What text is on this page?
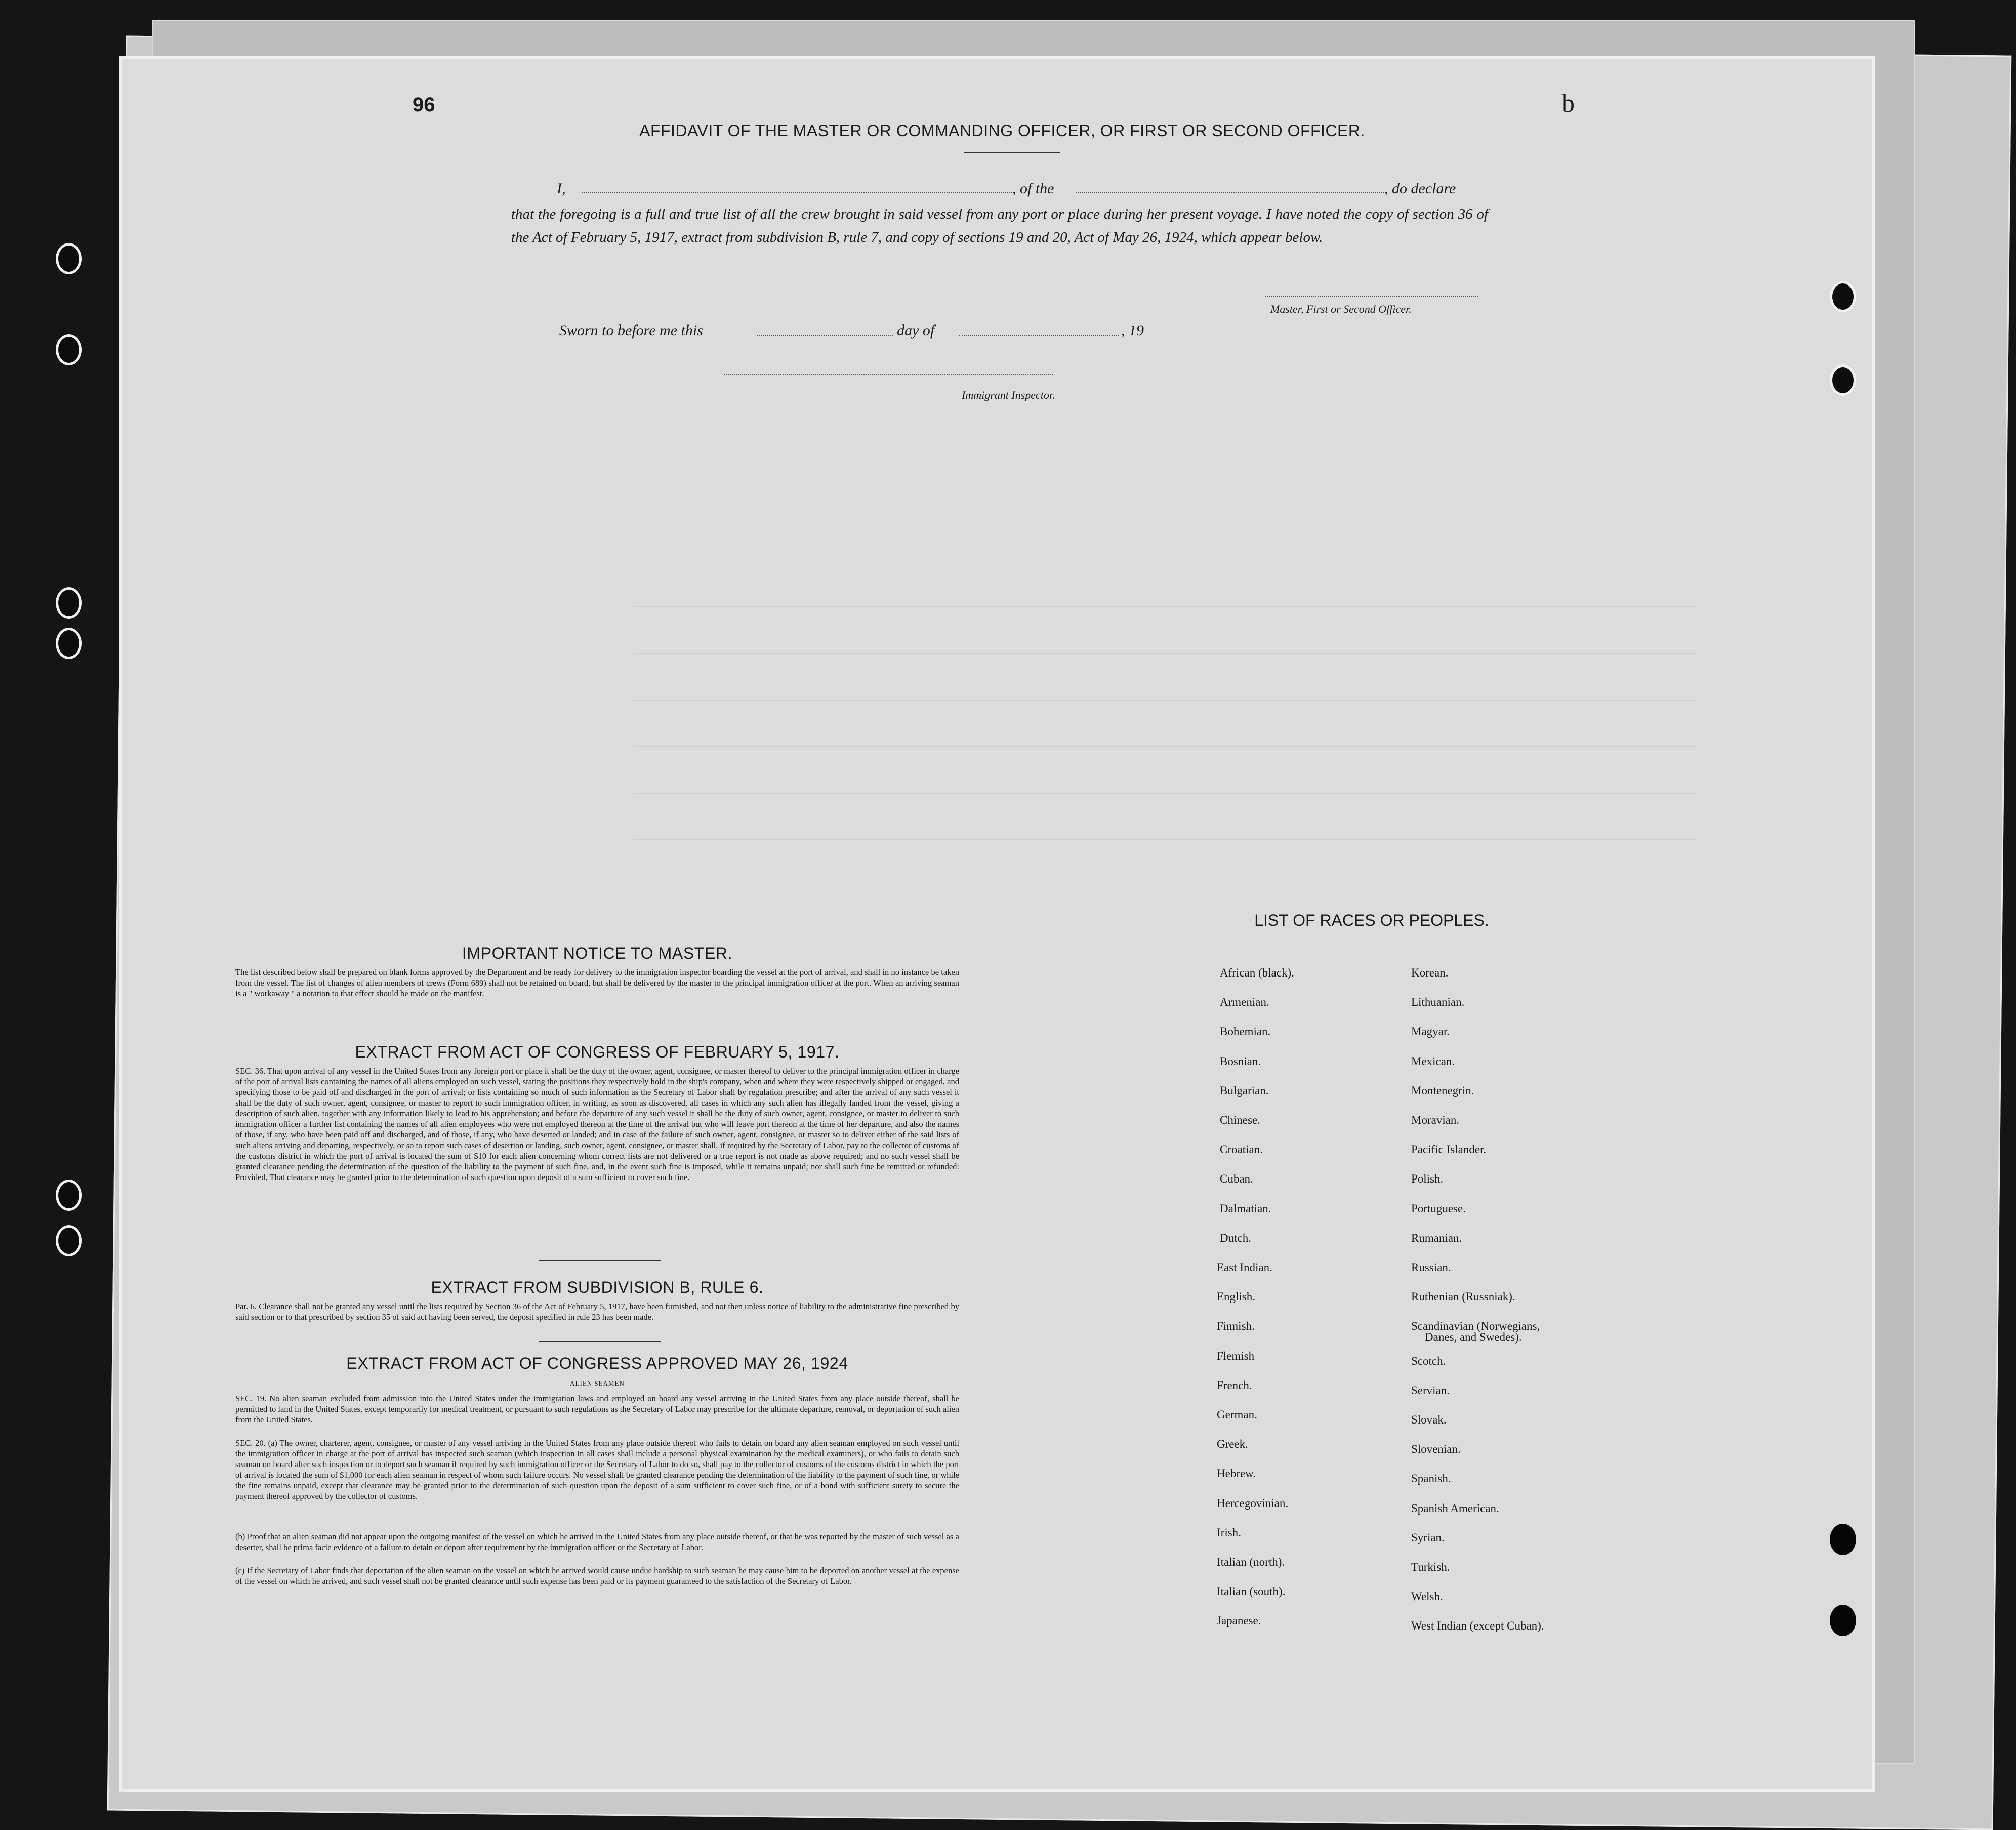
96	b
AFFIDAVIT OF THE MASTER OR COMMANDING OFFICER, OR FIRST OR SECOND OFFICER.
I,	, of the	, do declare
that the foregoing is a full and true list of all the crew brought in said vessel from any port or place during her present voyage. I have noted the copy of section 36 of the Act of February 5, 1917, extract from subdivision B, rule 7, and copy of sections 19 and 20, Act of May 26, 1924, which appear below.
Master, First or Second Officer.
Sworn to before me this	day of	, 19
Immigrant Inspector.
IMPORTANT NOTICE TO MASTER.

The list described below shall be prepared on blank forms approved by the Department and be ready for delivery to the immigration inspector boarding the vessel at the port of arrival, and shall in no instance be taken from the vessel. The list of changes of alien members of crews (Form 689) shall not be retained on board, but shall be delivered by the master to the principal immigration officer at the port. When an arriving seaman is a " workaway " a notation to that effect should be made on the manifest.

EXTRACT FROM ACT OF CONGRESS OF FEBRUARY 5, 1917.

SEC. 36. That upon arrival of any vessel in the United States from any foreign port or place it shall be the duty of the owner, agent, consignee, or master thereof to deliver to the principal immigration officer in charge of the port of arrival lists containing the names of all aliens employed on such vessel, stating the positions they respectively hold in the ship's company, when and where they were respectively shipped or engaged, and specifying those to be paid off and discharged in the port of arrival; or lists containing so much of such information as the Secretary of Labor shall by regulation prescribe; and after the arrival of any such vessel it shall be the duty of such owner, agent, consignee, or master to report to such immigration officer, in writing, as soon as discovered, all cases in which any such alien has illegally landed from the vessel, giving a description of such alien, together with any information likely to lead to his apprehension; and before the departure of any such vessel it shall be the duty of such owner, agent, consignee, or master to deliver to such immigration officer a further list containing the names of all alien employees who were not employed thereon at the time of the arrival but who will leave port thereon at the time of her departure, and also the names of those, if any, who have been paid off and discharged, and of those, if any, who have deserted or landed; and in case of the failure of such owner, agent, consignee, or master so to deliver either of the said lists of such aliens arriving and departing, respectively, or so to report such cases of desertion or landing, such owner, agent, consignee, or master shall, if required by the Secretary of Labor, pay to the collector of customs of the customs district in which the port of arrival is located the sum of $10 for each alien concerning whom correct lists are not delivered or a true report is not made as above required; and no such vessel shall be granted clearance pending the determination of the question of the liability to the payment of such fine, and, in the event such fine is imposed, while it remains unpaid; nor shall such fine be remitted or refunded: Provided, That clearance may be granted prior to the determination of such question upon deposit of a sum sufficient to cover such fine.

EXTRACT FROM SUBDIVISION B, RULE 6.

Par. 6. Clearance shall not be granted any vessel until the lists required by Section 36 of the Act of February 5, 1917, have been furnished, and not then unless notice of liability to the administrative fine prescribed by said section or to that prescribed by section 35 of said act having been served, the deposit specified in rule 23 has been made.

EXTRACT FROM ACT OF CONGRESS APPROVED MAY 26, 1924
ALIEN SEAMEN

SEC. 19. No alien seaman excluded from admission into the United States under the immigration laws and employed on board any vessel arriving in the United States from any place outside thereof, shall be permitted to land in the United States, except temporarily for medical treatment, or pursuant to such regulations as the Secretary of Labor may prescribe for the ultimate departure, removal, or deportation of such alien from the United States.

SEC. 20. (a) The owner, charterer, agent, consignee, or master of any vessel arriving in the United States from any place outside thereof who fails to detain on board any alien seaman employed on such vessel until the immigration officer in charge at the port of arrival has inspected such seaman (which inspection in all cases shall include a personal physical examination by the medical examiners), or who fails to detain such seaman on board after such inspection or to deport such seaman if required by such immigration officer or the Secretary of Labor to do so, shall pay to the collector of customs of the customs district in which the port of arrival is located the sum of $1,000 for each alien seaman in respect of whom such failure occurs. No vessel shall be granted clearance pending the determination of the liability to the payment of such fine, or while the fine remains unpaid, except that clearance may be granted prior to the determination of such question upon the deposit of a sum sufficient to cover such fine, or of a bond with sufficient surety to secure the payment thereof approved by the collector of customs.

(b) Proof that an alien seaman did not appear upon the outgoing manifest of the vessel on which he arrived in the United States from any place outside thereof, or that he was reported by the master of such vessel as a deserter, shall be prima facie evidence of a failure to detain or deport after requirement by the immigration officer or the Secretary of Labor.

(c) If the Secretary of Labor finds that deportation of the alien seaman on the vessel on which he arrived would cause undue hardship to such seaman he may cause him to be deported on another vessel at the expense of the vessel on which he arrived, and such vessel shall not be granted clearance until such expense has been paid or its payment guaranteed to the satisfaction of the Secretary of Labor.

LIST OF RACES OR PEOPLES.
African (black).
Armenian.
Bohemian.
Bosnian.
Bulgarian.
Chinese.
Croatian.
Cuban.
Dalmatian.
Dutch.
East Indian.
English.
Finnish.
Flemish
French.
German.
Greek.
Hebrew.
Hercegovinian.
Irish.
Italian (north).
Italian (south).
Japanese.
Korean.
Lithuanian.
Magyar.
Mexican.
Montenegrin.
Moravian.
Pacific Islander.
Polish.
Portuguese.
Rumanian.
Russian.
Ruthenian (Russniak).
Scandinavian (Norwegians,
Scotch.
Servian.
Slovak.
Slovenian.
Spanish.
Spanish American.
Syrian.
Turkish.
Welsh.
West Indian (except Cuban).
Danes, and Swedes).
